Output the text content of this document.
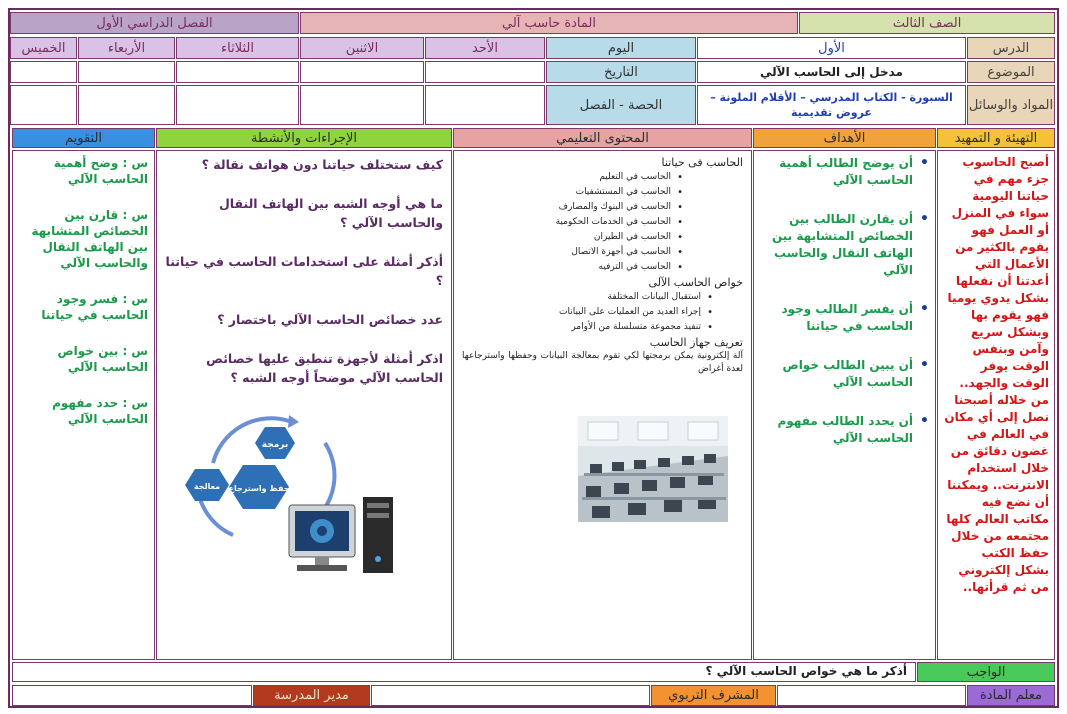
الفصل الدراسي الأول	المادة حاسب آلي	الصف الثالث
الدرس
الأول
اليوم
الأحد
الاثنين
الثلاثاء
الأربعاء
الخميس
الموضوع
مدخل إلى الحاسب الآلي
التاريخ
المواد والوسائل
السبورة - الكتاب المدرسي – الأقلام الملونة – عروض تقديمية
الحصة - الفصل
التهيئة و التمهيد
الأهداف
المحتوى التعليمي
الإجراءات والأنشطة
التقويم
أصبح الحاسوب جزء مهم في حياتنا اليومية سواء في المنزل أو العمل فهو يقوم بالكثير من الأعمال التي أعدتنا أن نفعلها بشكل يدوي يوميا فهو يقوم بها وبشكل سريع وآمن وبنفس الوقت يوفر الوقت والجهد.. من خلاله أصبحنا نصل إلى أي مكان في العالم في غضون دقائق من خلال استخدام الانترنت.. ويمكننا أن نضع فيه مكاتب العالم كلها مجتمعه من خلال حفظ الكتب بشكل إلكتروني من ثم قرأتها..
• أن يوضح الطالب أهمية الحاسب الآلي
• أن يقارن الطالب بين الخصائص المتشابهة بين الهاتف النقال والحاسب الآلي
• أن يفسر الطالب وجود الحاسب في حياتنا
• أن يبين الطالب خواص الحاسب الآلي
• أن يحدد الطالب مفهوم الحاسب الآلي
الحاسب فى حياتنا
• الحاسب في التعليم
• الحاسب في المستشفيات
• الحاسب في البنوك والمصارف
• الحاسب في الخدمات الحكومية
• الحاسب في الطيران
• الحاسب في أجهزة الاتصال
• الحاسب في الترفيه
خواص الحاسب الآلى
• استقبال البيانات المختلفة
• إجراء العديد من العمليات على البيانات
• تنفيذ مجموعة متسلسلة من الأوامر
تعريف جهاز الحاسب
آلة إلكترونية يمكن برمجتها لكي تقوم بمعالجة البيانات وحفظها واسترجاعها لعدة أغراض

كيف ستختلف حياتنا دون هواتف نقالة ؟

ما هي أوجه الشبه بين الهاتف النقال والحاسب الآلي ؟

أذكر أمثلة على استخدامات الحاسب في حياتنا ؟

عدد خصائص الحاسب الآلي باختصار ؟

اذكر أمثلة لأجهزة تنطبق عليها خصائص الحاسب الآلي موضحاً أوجه الشبه ؟

برمجة
حفظ واسترجاع
معالجة

س : وضح أهمية الحاسب الآلي

س : قارن بين الخصائص المتشابهة بين الهاتف النقال والحاسب الآلي

س : فسر وجود الحاسب في حياتنا

س : بين خواص الحاسب الآلي

س : حدد مفهوم الحاسب الآلي

الواجب
أذكر ما هي خواص الحاسب الآلي ؟
معلم المادة
المشرف التربوي
مدير المدرسة
